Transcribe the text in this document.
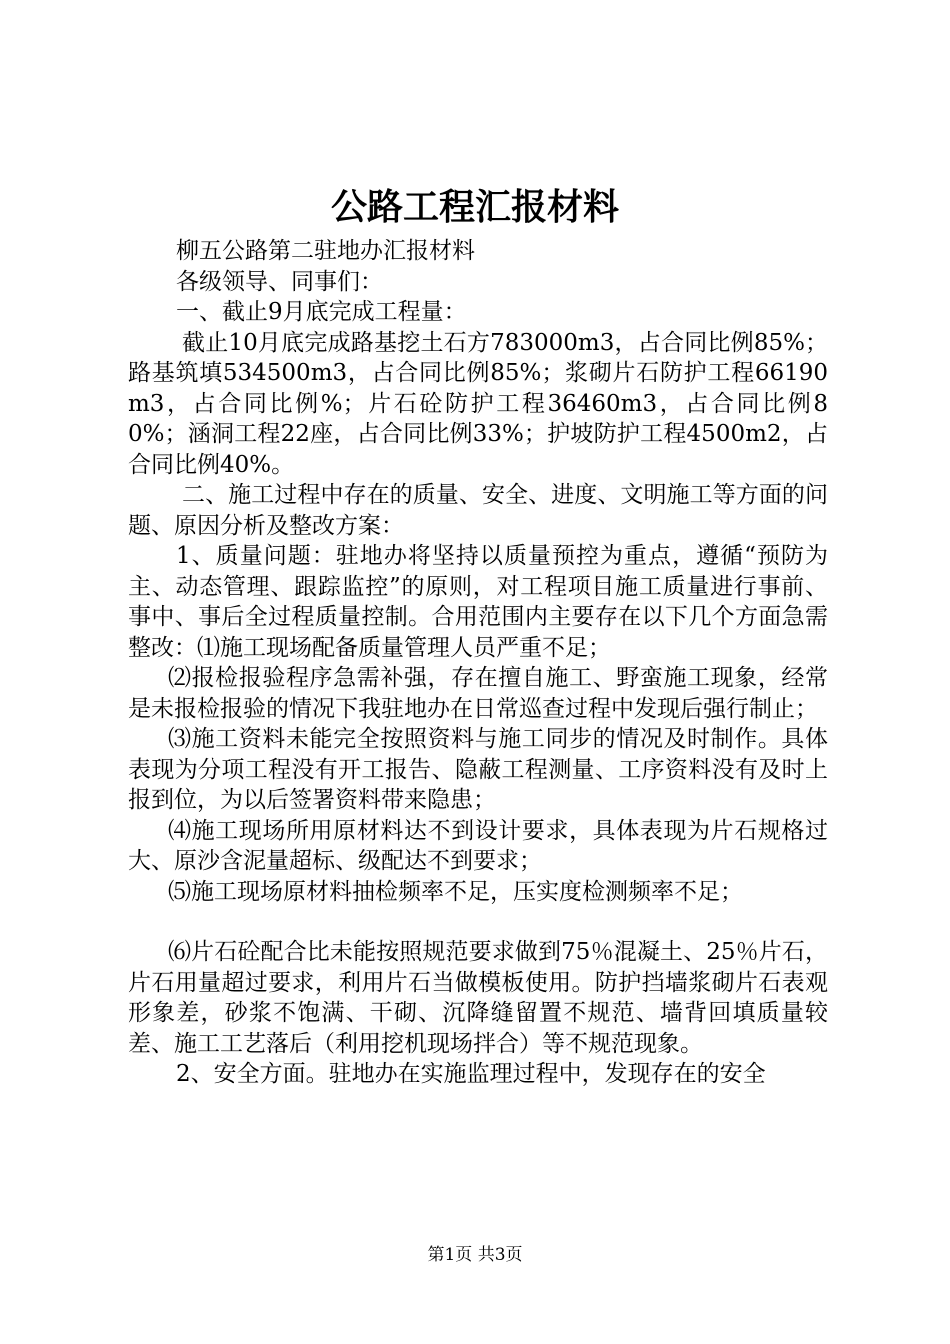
公路工程汇报材料

柳五公路第二驻地办汇报材料

各级领导、同事们：

一、截止9月底完成工程量：

截止10月底完成路基挖土石方783000m3，占合同比例85%；路基筑填534500m3，占合同比例85%；浆砌片石防护工程66190m3，占合同比例%；片石砼防护工程36460m3，占合同比例80%；涵洞工程22座，占合同比例33%；护坡防护工程4500m2，占合同比例40%。

二、施工过程中存在的质量、安全、进度、文明施工等方面的问题、原因分析及整改方案：

1、质量问题：驻地办将坚持以质量预控为重点，遵循“预防为主、动态管理、跟踪监控”的原则，对工程项目施工质量进行事前、事中、事后全过程质量控制。合用范围内主要存在以下几个方面急需整改：⑴施工现场配备质量管理人员严重不足；

⑵报检报验程序急需补强，存在擅自施工、野蛮施工现象，经常是未报检报验的情况下我驻地办在日常巡查过程中发现后强行制止；

⑶施工资料未能完全按照资料与施工同步的情况及时制作。具体表现为分项工程没有开工报告、隐蔽工程测量、工序资料没有及时上报到位，为以后签署资料带来隐患；

⑷施工现场所用原材料达不到设计要求，具体表现为片石规格过大、原沙含泥量超标、级配达不到要求；

⑸施工现场原材料抽检频率不足，压实度检测频率不足；

⑹片石砼配合比未能按照规范要求做到75％混凝土、25％片石，片石用量超过要求，利用片石当做模板使用。防护挡墙浆砌片石表观形象差，砂浆不饱满、干砌、沉降缝留置不规范、墙背回填质量较差、施工工艺落后（利用挖机现场拌合）等不规范现象。

2、安全方面。驻地办在实施监理过程中，发现存在的安全

第1页 共3页
